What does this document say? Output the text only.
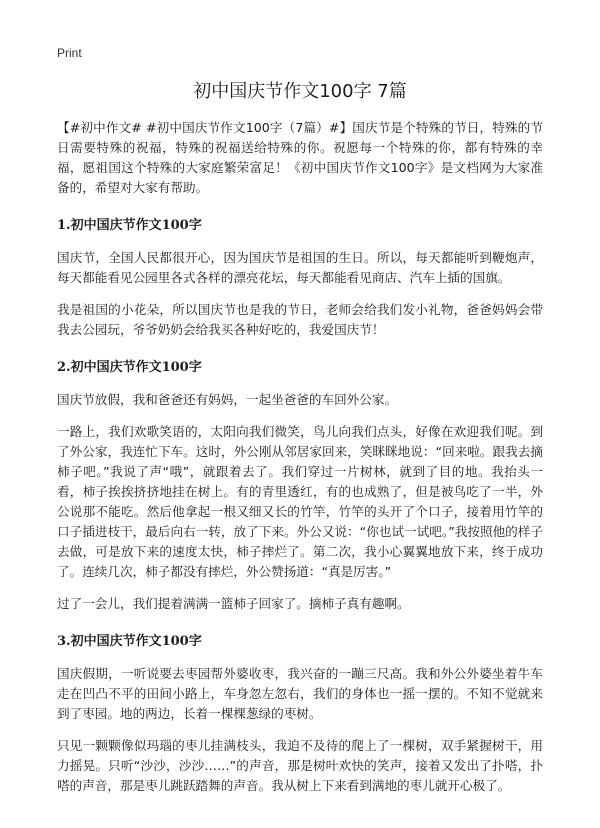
Print
初中国庆节作文100字 7篇

【#初中作文# #初中国庆节作文100字（7篇）#】国庆节是个特殊的节日，特殊的节日需要特殊的祝福，特殊的祝福送给特殊的你。祝愿每一个特殊的你，都有特殊的幸福，愿祖国这个特殊的大家庭繁荣富足！《初中国庆节作文100字》是文档网为大家准备的，希望对大家有帮助。

1.初中国庆节作文100字

国庆节，全国人民都很开心，因为国庆节是祖国的生日。所以，每天都能听到鞭炮声，每天都能看见公园里各式各样的漂亮花坛，每天都能看见商店、汽车上插的国旗。

我是祖国的小花朵，所以国庆节也是我的节日，老师会给我们发小礼物，爸爸妈妈会带我去公园玩，爷爷奶奶会给我买各种好吃的，我爱国庆节！

2.初中国庆节作文100字

国庆节放假，我和爸爸还有妈妈，一起坐爸爸的车回外公家。

一路上，我们欢歌笑语的，太阳向我们微笑，鸟儿向我们点头，好像在欢迎我们呢。到了外公家，我连忙下车。这时，外公刚从邻居家回来，笑眯眯地说：“回来啦。跟我去摘柿子吧。”我说了声“哦”，就跟着去了。我们穿过一片树林，就到了目的地。我抬头一看，柿子挨挨挤挤地挂在树上。有的青里透红，有的也成熟了，但是被鸟吃了一半，外公说那不能吃。然后他拿起一根又细又长的竹竿，竹竿的头开了个口子，接着用竹竿的口子插进枝干，最后向右一转，放了下来。外公又说：“你也试一试吧。”我按照他的样子去做，可是放下来的速度太快，柿子摔烂了。第二次，我小心翼翼地放下来，终于成功了。连续几次，柿子都没有摔烂，外公赞扬道：“真是厉害。”

过了一会儿，我们提着满满一篮柿子回家了。摘柿子真有趣啊。

3.初中国庆节作文100字

国庆假期，一听说要去枣园帮外婆收枣，我兴奋的一蹦三尺高。我和外公外婆坐着牛车走在凹凸不平的田间小路上，车身忽左忽右，我们的身体也一摇一摆的。不知不觉就来到了枣园。地的两边，长着一棵棵葱绿的枣树。

只见一颗颗像似玛瑙的枣儿挂满枝头，我迫不及待的爬上了一棵树，双手紧握树干，用力摇晃。只听“沙沙，沙沙……”的声音，那是树叶欢快的笑声，接着又发出了扑嗒，扑嗒的声音，那是枣儿跳跃踏舞的声音。我从树上下来看到满地的枣儿就开心极了。
